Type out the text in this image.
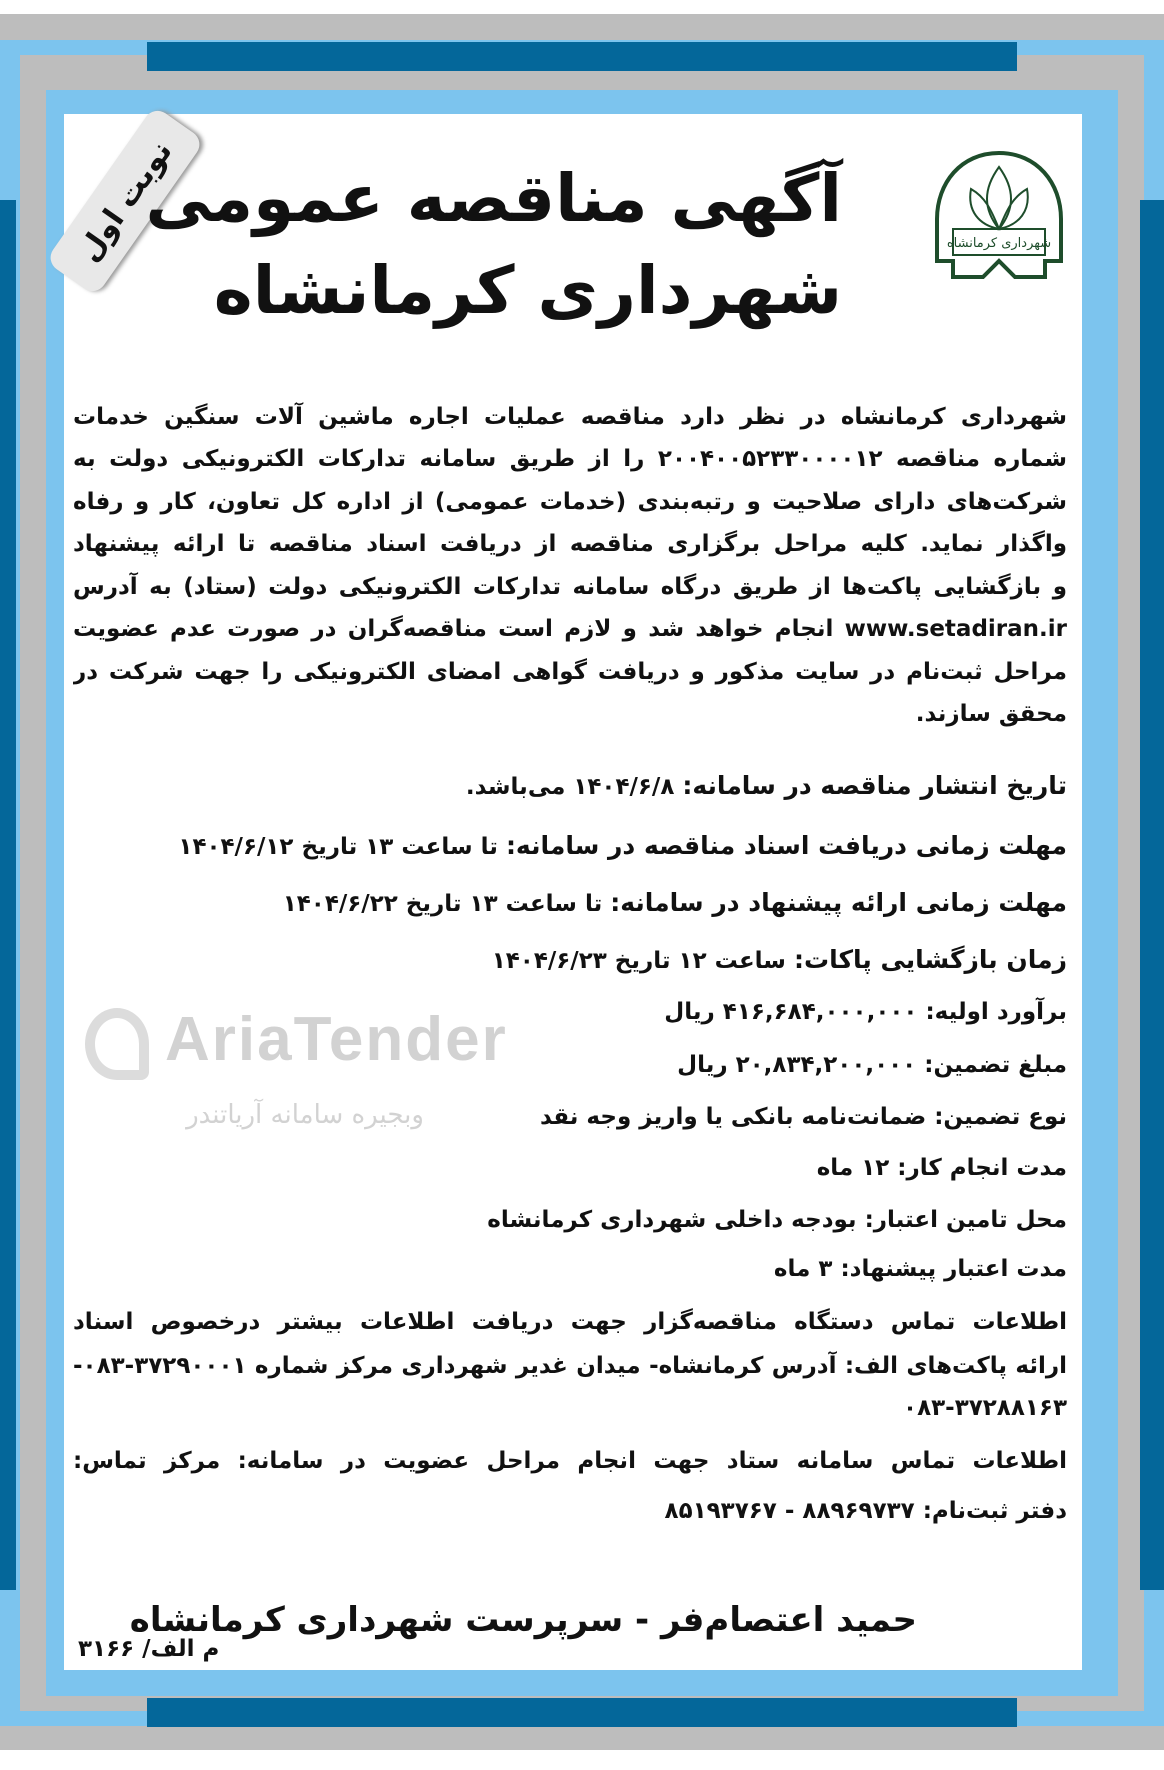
AriaTender
وبجیره سامانه آریاتندر
نوبت اول	شهرداری کرمانشاه
آگهی مناقصه عمومی
شهرداری کرمانشاه
شهرداری کرمانشاه در نظر دارد مناقصه عملیات اجاره ماشین آلات سنگین خدمات
شماره مناقصه ۲۰۰۴۰۰۵۲۳۳۰۰۰۰۱۲ را از طریق سامانه تدارکات الکترونیکی دولت به
شرکت‌های دارای صلاحیت و رتبه‌بندی (خدمات عمومی) از اداره کل تعاون، کار و رفاه
واگذار نماید. کلیه مراحل برگزاری مناقصه از دریافت اسناد مناقصه تا ارائه پیشنهاد
و بازگشایی پاکت‌ها از طریق درگاه سامانه تدارکات الکترونیکی دولت (ستاد) به آدرس
www.setadiran.ir انجام خواهد شد و لازم است مناقصه‌گران در صورت عدم عضویت
مراحل ثبت‌نام در سایت مذکور و دریافت گواهی امضای الکترونیکی را جهت شرکت در
محقق سازند.
تاریخ انتشار مناقصه در سامانه: ۱۴۰۴/۶/۸ می‌باشد.
مهلت زمانی دریافت اسناد مناقصه در سامانه: تا ساعت ۱۳ تاریخ ۱۴۰۴/۶/۱۲
مهلت زمانی ارائه پیشنهاد در سامانه: تا ساعت ۱۳ تاریخ ۱۴۰۴/۶/۲۲
زمان بازگشایی پاکات: ساعت ۱۲ تاریخ ۱۴۰۴/۶/۲۳
برآورد اولیه: ۴۱۶,۶۸۴,۰۰۰,۰۰۰ ریال
مبلغ تضمین: ۲۰,۸۳۴,۲۰۰,۰۰۰ ریال
نوع تضمین: ضمانت‌نامه بانکی یا واریز وجه نقد
مدت انجام کار: ۱۲ ماه
محل تامین اعتبار: بودجه داخلی شهرداری کرمانشاه
مدت اعتبار پیشنهاد: ۳ ماه
اطلاعات تماس دستگاه مناقصه‌گزار جهت دریافت اطلاعات بیشتر درخصوص اسناد
ارائه پاکت‌های الف: آدرس کرمانشاه- میدان غدیر شهرداری مرکز شماره ۳۷۲۹۰۰۰۱-۰۸۳-
۰۸۳-۳۷۲۸۸۱۶۳
اطلاعات تماس سامانه ستاد جهت انجام مراحل عضویت در سامانه: مرکز تماس:
دفتر ثبت‌نام: ۸۸۹۶۹۷۳۷ - ۸۵۱۹۳۷۶۷
حمید اعتصام‌فر - سرپرست شهرداری کرمانشاه
م الف/ ۳۱۶۶
